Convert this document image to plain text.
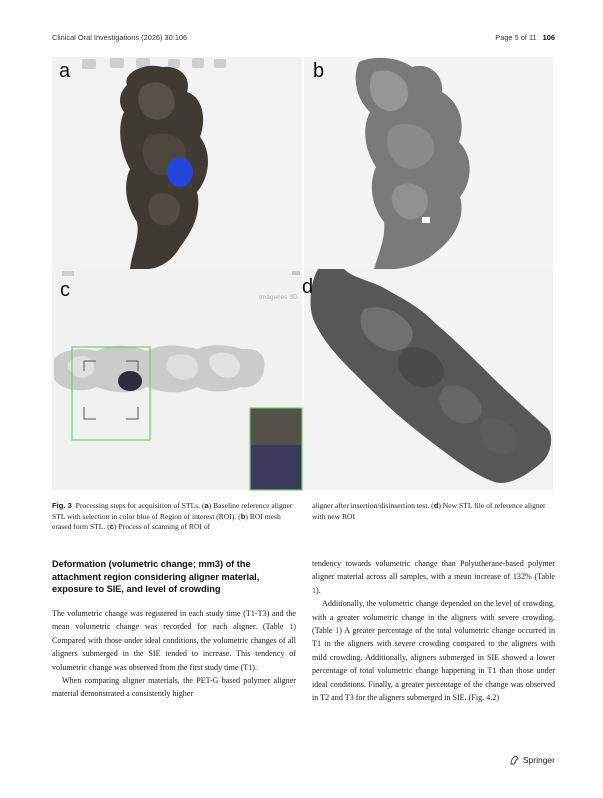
Clinical Oral Investigations (2026) 30:106	Page 5 of 11 106
a	b
c	Imágenes 3D d
Fig. 3 Processing steps for acquisition of STLs. (a) Baseline reference aligner STL with selection in color blue of Region of interest (ROI). (b) ROI mesh erased form STL. (c) Process of scanning of ROI of
aligner after insertion/disinsertion test. (d) New STL file of reference aligner with new ROI
Deformation (volumetric change; mm3) of the attachment region considering aligner material, exposure to SIE, and level of crowding

The volumetric change was registered in each study time (T1-T3) and the mean volumetric change was recorded for each aligner. (Table 1) Compared with those under ideal conditions, the volumetric changes of all aligners submerged in the SIE tended to increase. This tendency of volumetric change was observed from the first study time (T1).

When comparing aligner materials, the PET-G based polymer aligner material demonstrated a consistently higher

tendency towards volumetric change than Polyutherane-based polymer aligner material across all samples, with a mean increase of 132% (Table 1).

Additionally, the volumetric change depended on the level of crowding, with a greater volumetric change in the aligners with severe crowding. (Table 1) A greater percentage of the total volumetric change occurred in T1 in the aligners with severe crowding compared to the aligners with mild crowding. Additionally, aligners submerged in SIE showed a lower percentage of total volumetric change happening in T1 than those under ideal conditions. Finally, a greater percentage of the change was observed in T2 and T3 for the aligners submerged in SIE. (Fig. 4.2)

Springer
